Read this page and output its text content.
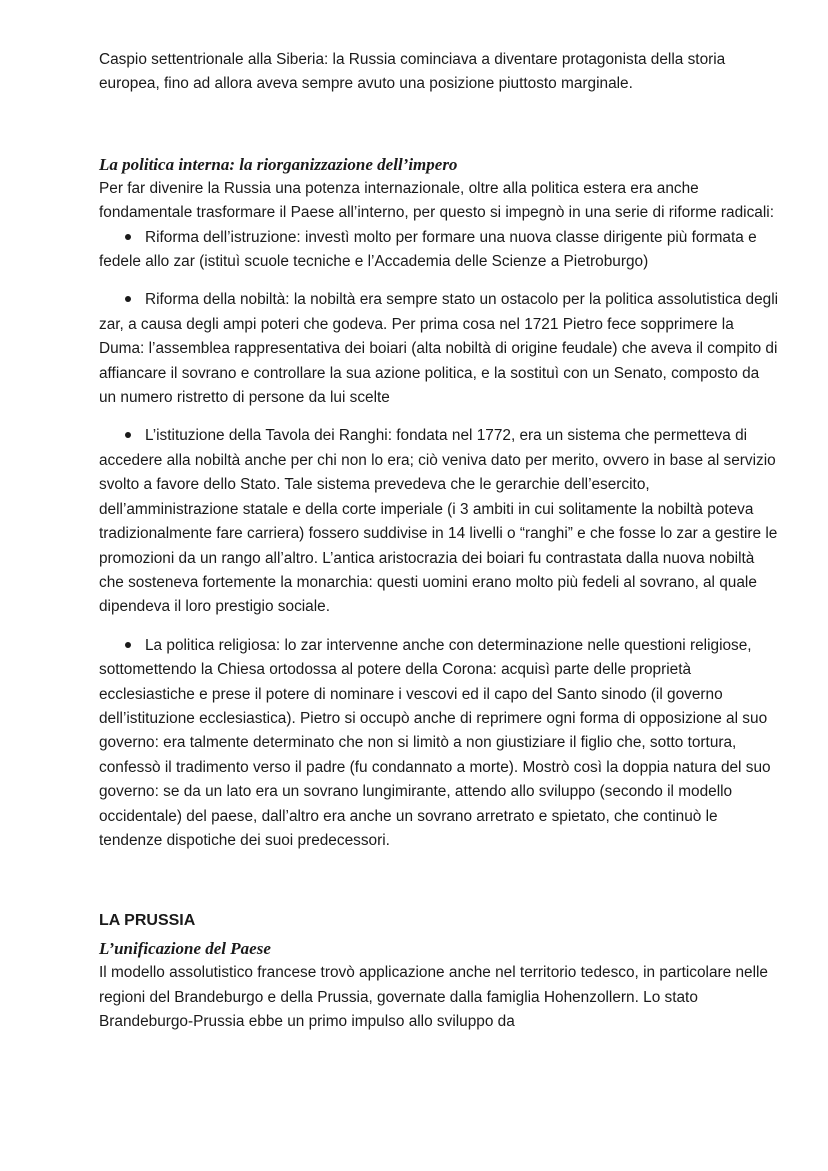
Caspio settentrionale alla Siberia: la Russia cominciava a diventare protagonista della storia europea, fino ad allora aveva sempre avuto una posizione piuttosto marginale.

La politica interna: la riorganizzazione dell’impero

Per far divenire la Russia una potenza internazionale, oltre alla politica estera era anche fondamentale trasformare il Paese all’interno, per questo si impegnò in una serie di riforme radicali:

Riforma dell’istruzione: investì molto per formare una nuova classe dirigente più formata e fedele allo zar (istituì scuole tecniche e l’Accademia delle Scienze a Pietroburgo)

Riforma della nobiltà: la nobiltà era sempre stato un ostacolo per la politica assolutistica degli zar, a causa degli ampi poteri che godeva. Per prima cosa nel 1721 Pietro fece sopprimere la Duma: l’assemblea rappresentativa dei boiari (alta nobiltà di origine feudale) che aveva il compito di affiancare il sovrano e controllare la sua azione politica, e la sostituì con un Senato, composto da un numero ristretto di persone da lui scelte

L’istituzione della Tavola dei Ranghi: fondata nel 1772, era un sistema che permetteva di accedere alla nobiltà anche per chi non lo era; ciò veniva dato per merito, ovvero in base al servizio svolto a favore dello Stato. Tale sistema prevedeva che le gerarchie dell’esercito, dell’amministrazione statale e della corte imperiale (i 3 ambiti in cui solitamente la nobiltà poteva tradizionalmente fare carriera) fossero suddivise in 14 livelli o “ranghi” e che fosse lo zar a gestire le promozioni da un rango all’altro. L’antica aristocrazia dei boiari fu contrastata dalla nuova nobiltà che sosteneva fortemente la monarchia: questi uomini erano molto più fedeli al sovrano, al quale dipendeva il loro prestigio sociale.

La politica religiosa: lo zar intervenne anche con determinazione nelle questioni religiose, sottomettendo la Chiesa ortodossa al potere della Corona: acquisì parte delle proprietà ecclesiastiche e prese il potere di nominare i vescovi ed il capo del Santo sinodo (il governo dell’istituzione ecclesiastica). Pietro si occupò anche di reprimere ogni forma di opposizione al suo governo: era talmente determinato che non si limitò a non giustiziare il figlio che, sotto tortura, confessò il tradimento verso il padre (fu condannato a morte). Mostrò così la doppia natura del suo governo: se da un lato era un sovrano lungimirante, attendo allo sviluppo (secondo il modello occidentale) del paese, dall’altro era anche un sovrano arretrato e spietato, che continuò le tendenze dispotiche dei suoi predecessori.

LA PRUSSIA
L’unificazione del Paese

Il modello assolutistico francese trovò applicazione anche nel territorio tedesco, in particolare nelle regioni del Brandeburgo e della Prussia, governate dalla famiglia Hohenzollern. Lo stato Brandeburgo-Prussia ebbe un primo impulso allo sviluppo da
